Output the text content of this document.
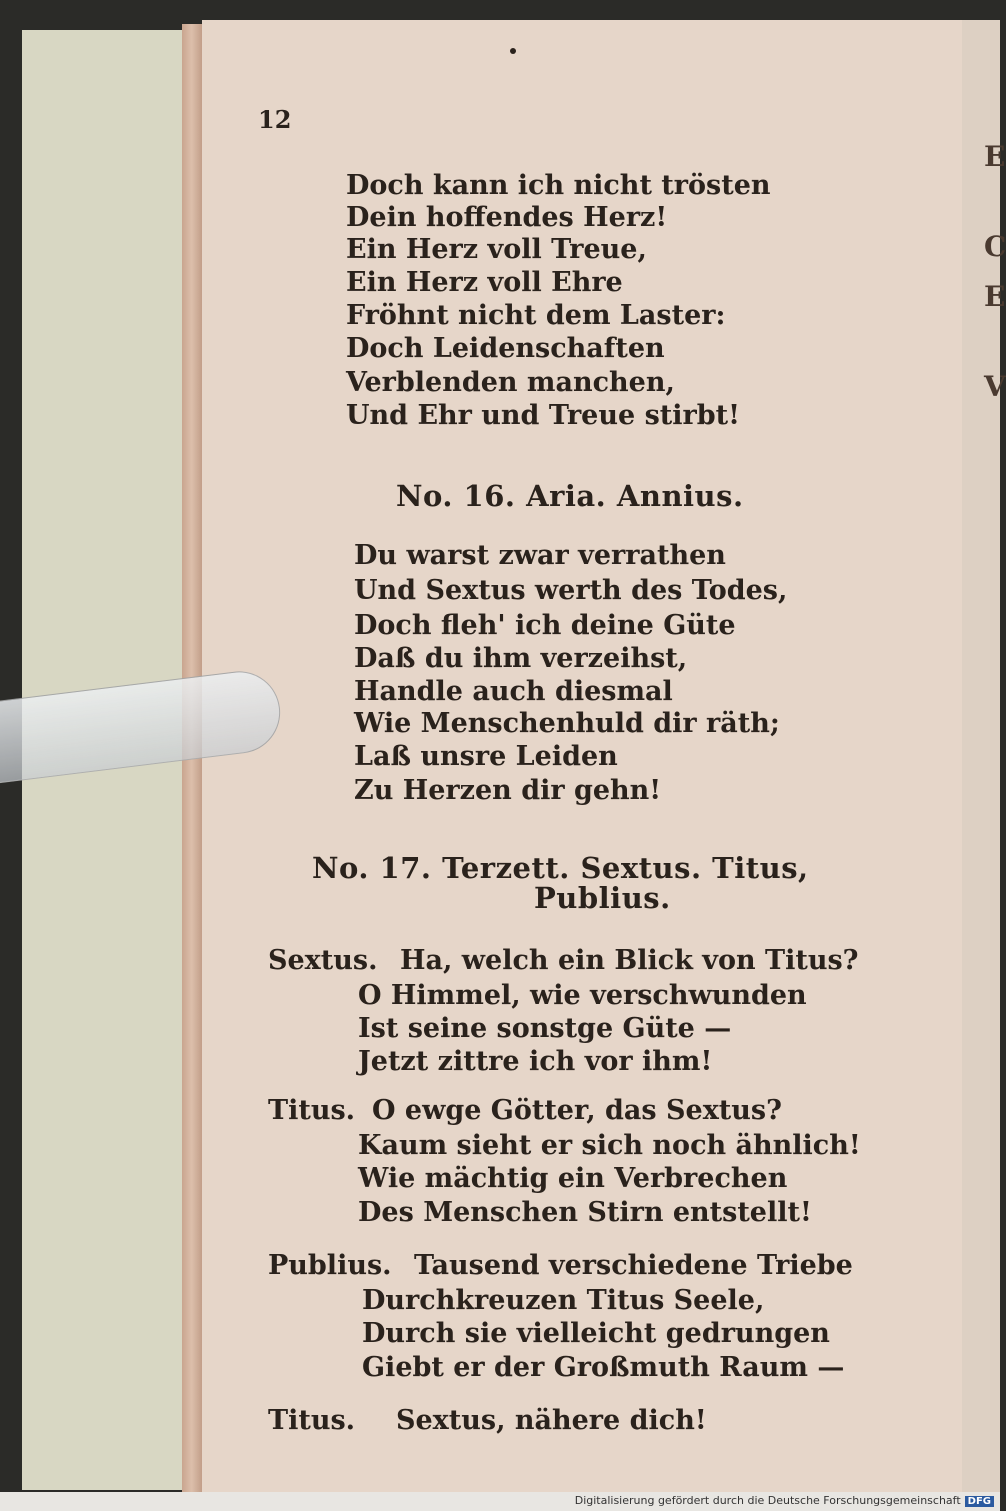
E
C
E
V
12
Doch kann ich nicht trösten
Dein hoffendes Herz!
Ein Herz voll Treue,
Ein Herz voll Ehre
Fröhnt nicht dem Laster:
Doch Leidenschaften
Verblenden manchen,
Und Ehr und Treue stirbt!
No. 16. Aria. Annius.
Du warst zwar verrathen
Und Sextus werth des Todes,
Doch fleh' ich deine Güte
Daß du ihm verzeihst,
Handle auch diesmal
Wie Menschenhuld dir räth;
Laß unsre Leiden
Zu Herzen dir gehn!
No. 17. Terzett. Sextus. Titus,
Publius.
Sextus. Ha, welch ein Blick von Titus?
O Himmel, wie verschwunden
Ist seine sonstge Güte —
Jetzt zittre ich vor ihm!
Titus. O ewge Götter, das Sextus?
Kaum sieht er sich noch ähnlich!
Wie mächtig ein Verbrechen
Des Menschen Stirn entstellt!
Publius. Tausend verschiedene Triebe
Durchkreuzen Titus Seele,
Durch sie vielleicht gedrungen
Giebt er der Großmuth Raum —
Titus. Sextus, nähere dich!
Digitalisierung gefördert durch die Deutsche Forschungsgemeinschaft DFG
